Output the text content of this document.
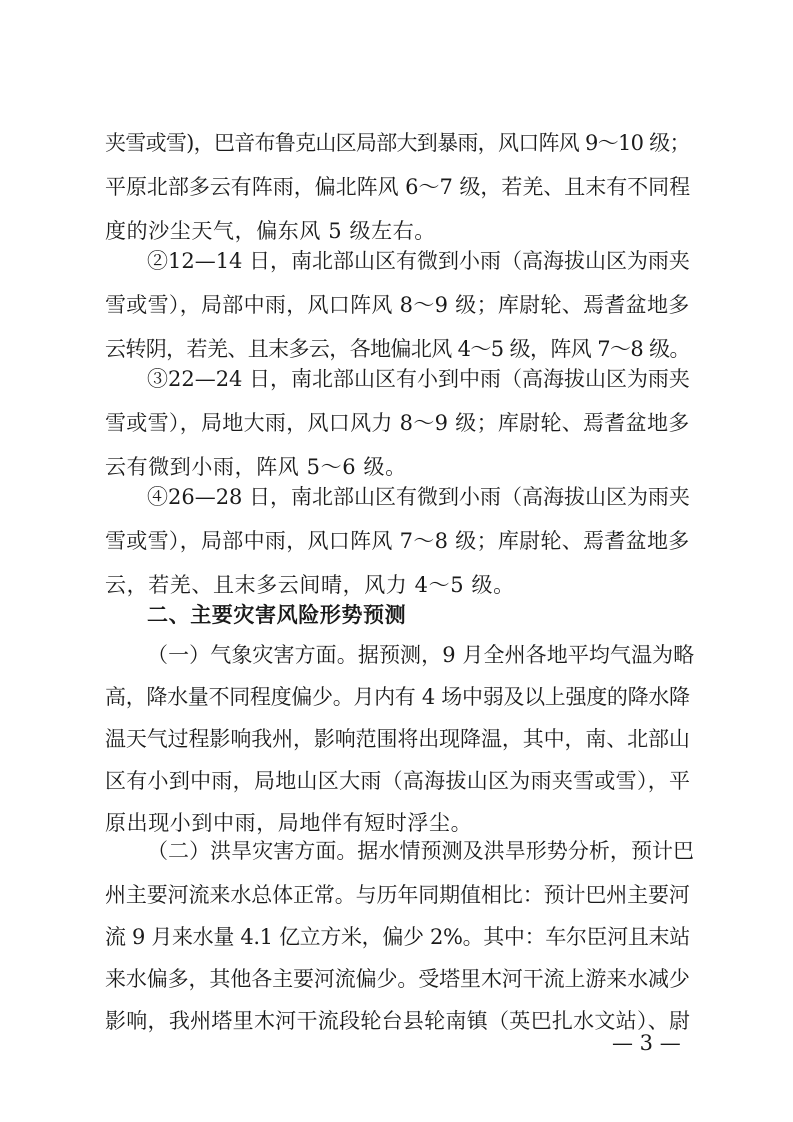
夹雪或雪)，巴音布鲁克山区局部大到暴雨，风口阵风 9～10 级；
平原北部多云有阵雨，偏北阵风 6～7 级，若羌、且末有不同程
度的沙尘天气，偏东风 5 级左右。
②12—14 日，南北部山区有微到小雨（高海拔山区为雨夹
雪或雪），局部中雨，风口阵风 8～9 级；库尉轮、焉耆盆地多
云转阴，若羌、且末多云，各地偏北风 4～5 级，阵风 7～8 级。
③22—24 日，南北部山区有小到中雨（高海拔山区为雨夹
雪或雪），局地大雨，风口风力 8～9 级；库尉轮、焉耆盆地多
云有微到小雨，阵风 5～6 级。
④26—28 日，南北部山区有微到小雨（高海拔山区为雨夹
雪或雪），局部中雨，风口阵风 7～8 级；库尉轮、焉耆盆地多
云，若羌、且末多云间晴，风力 4～5 级。
二、主要灾害风险形势预测
（一）气象灾害方面。据预测，9 月全州各地平均气温为略
高，降水量不同程度偏少。月内有 4 场中弱及以上强度的降水降
温天气过程影响我州，影响范围将出现降温，其中，南、北部山
区有小到中雨，局地山区大雨（高海拔山区为雨夹雪或雪），平
原出现小到中雨，局地伴有短时浮尘。
（二）洪旱灾害方面。据水情预测及洪旱形势分析，预计巴
州主要河流来水总体正常。与历年同期值相比：预计巴州主要河
流 9 月来水量 4.1 亿立方米，偏少 2%。其中：车尔臣河且末站
来水偏多，其他各主要河流偏少。受塔里木河干流上游来水减少
影响，我州塔里木河干流段轮台县轮南镇（英巴扎水文站）、尉
— 3 —
